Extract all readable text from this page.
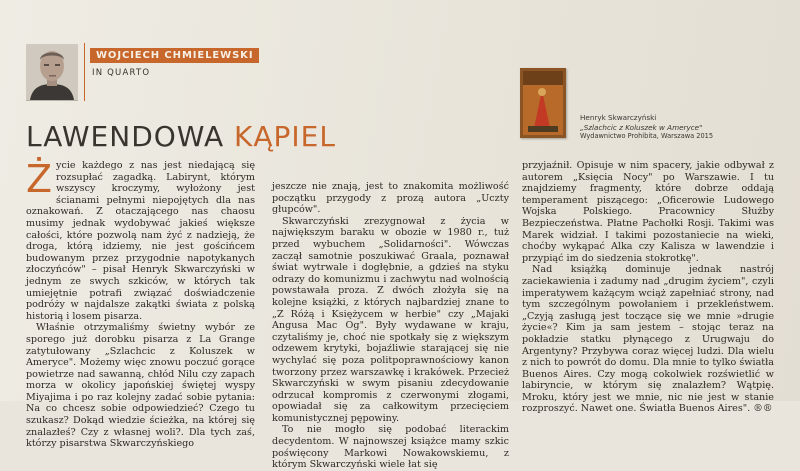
WOJCIECH CHMIELEWSKI
IN QUARTO
LAWENDOWA KĄPIEL
Henryk Skwarczyński
„Szlachcic z Koluszek w Ameryce"
Wydawnictwo Prohibita, Warszawa 2015

Życie każdego z nas jest niedającą się rozsupłać zagadką. Labirynt, którym wszyscy kroczymy, wyłożony jest ścianami pełnymi niepojętych dla nas oznakowań. Z otaczającego nas chaosu musimy jednak wydobywać jakieś większe całości, które pozwolą nam żyć z nadzieją, że droga, którą idziemy, nie jest gościńcem budowanym przez przygodnie napotykanych złoczyńców" – pisał Henryk Skwarczyński w jednym ze swych szkiców, w których tak umiejętnie potrafi związać doświadczenie podróży w najdalsze zakątki świata z polską historią i losem pisarza.

Właśnie otrzymaliśmy świetny wybór ze sporego już dorobku pisarza z La Grange zatytułowany „Szlachcic z Koluszek w Ameryce". Możemy więc znowu poczuć gorące powietrze nad sawanną, chłód Nilu czy zapach morza w okolicy japońskiej świętej wyspy Miyajima i po raz kolejny zadać sobie pytania: Na co chcesz sobie odpowiedzieć? Czego tu szukasz? Dokąd wiedzie ścieżka, na której się znalazłeś? Czy z własnej woli?. Dla tych zaś, którzy pisarstwa Skwarczyńskiego

jeszcze nie znają, jest to znakomita możliwość początku przygody z prozą autora „Uczty głupców".

Skwarczyński zrezygnował z życia w największym baraku w obozie w 1980 r., tuż przed wybuchem „Solidarności". Wówczas zaczął samotnie poszukiwać Graala, poznawał świat wytrwale i dogłębnie, a gdzieś na styku odrazy do komunizmu i zachwytu nad wolnością powstawała proza. Z dwóch złożyła się na kolejne książki, z których najbardziej znane to „Z Różą i Księżycem w herbie" czy „Majaki Angusa Mac Og". Były wydawane w kraju, czytaliśmy je, choć nie spotkały się z większym odzewem krytyki, bojaźliwie starającej się nie wychylać się poza politpoprawnościowy kanon tworzony przez warszawkę i krakówek. Przecież Skwarczyński w swym pisaniu zdecydowanie odrzucał kompromis z czerwonymi złogami, opowiadał się za całkowitym przecięciem komunistycznej pępowiny.

To nie mogło się podobać literackim decydentom. W najnowszej książce mamy szkic poświęcony Markowi Nowakowskiemu, z którym Skwarczyński wiele łat się

przyjaźnił. Opisuje w nim spacery, jakie odbywał z autorem „Księcia Nocy" po Warszawie. I tu znajdziemy fragmenty, które dobrze oddają temperament piszącego: „Oficerowie Ludowego Wojska Polskiego. Pracownicy Służby Bezpieczeństwa. Płatne Pachołki Rosji. Takimi was Marek widział. I takimi pozostaniecie na wieki, choćby wykąpać Alka czy Kalisza w lawendzie i przypiąć im do siedzenia stokrotkę".

Nad książką dominuje jednak nastrój zaciekawienia i zadumy nad „drugim życiem", czyli imperatywem każącym wciąż zapełniać strony, nad tym szczególnym powołaniem i przekleństwem. „Czyją zasługą jest toczące się we mnie »drugie życie«? Kim ja sam jestem – stojąc teraz na pokładzie statku płynącego z Urugwaju do Argentyny? Przybywa coraz więcej ludzi. Dla wielu z nich to powrót do domu. Dla mnie to tylko światła Buenos Aires. Czy mogą cokolwiek rozświetlić w labiryncie, w którym się znalazłem? Wątpię. Mroku, który jest we mnie, nic nie jest w stanie rozproszyć. Nawet one. Światła Buenos Aires". ®®
